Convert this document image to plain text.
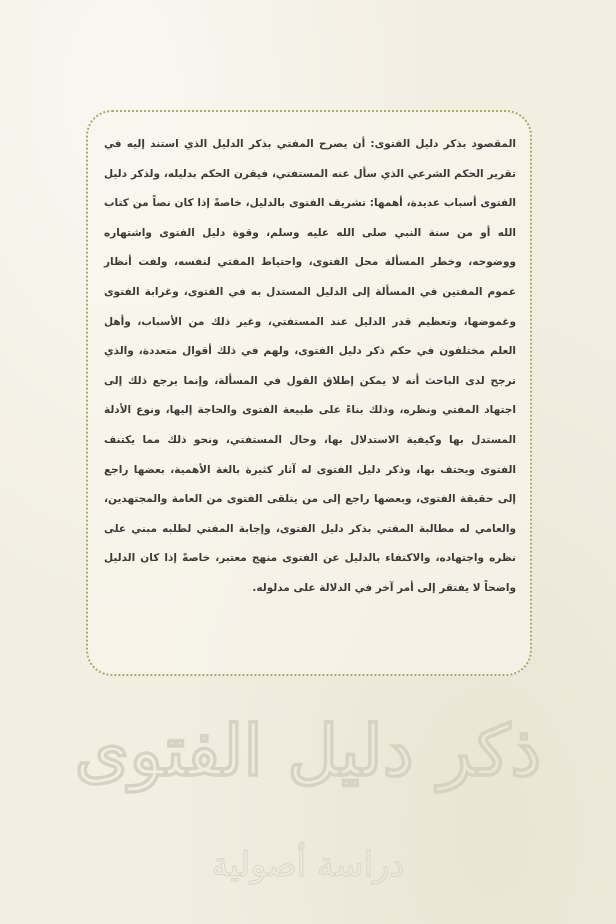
المقصود بذكر دليل الفتوى: أن يصرح المفتي بذكر الدليل الذي استند إليه في تقرير الحكم الشرعي الذي سأل عنه المستفتي، فيقرن الحكم بدليله، ولذكر دليل الفتوى أسباب عديدة، أهمها: تشريف الفتوى بالدليل، خاصةً إذا كان نصاً من كتاب الله أو من سنة النبي صلى الله عليه وسلم، وقوة دليل الفتوى واشتهاره ووضوحه، وخطر المسألة محل الفتوى، واحتياط المفتي لنفسه، ولفت أنظار عموم المفتين في المسألة إلى الدليل المستدل به في الفتوى، وغرابة الفتوى وغموضها، وتعظيم قدر الدليل عند المستفتي، وغير ذلك من الأسباب، وأهل العلم مختلفون في حكم ذكر دليل الفتوى، ولهم في ذلك أقوال متعددة، والذي ترجح لدى الباحث أنه لا يمكن إطلاق القول في المسألة، وإنما يرجع ذلك إلى اجتهاد المفتي ونظره، وذلك بناءً على طبيعة الفتوى والحاجة إليها، ونوع الأدلة المستدل بها وكيفية الاستدلال بها، وحال المستفتي، ونحو ذلك مما يكتنف الفتوى ويحتف بها، وذكر دليل الفتوى له آثار كثيرة بالغة الأهمية، بعضها راجع إلى حقيقة الفتوى، وبعضها راجع إلى من يتلقى الفتوى من العامة والمجتهدين، والعامي له مطالبة المفتي بذكر دليل الفتوى، وإجابة المفتي لطلبه مبني على نظره واجتهاده، والاكتفاء بالدليل عن الفتوى منهج معتبر، خاصةً إذا كان الدليل واضحاً لا يفتقر إلى أمر آخر في الدلالة على مدلوله.

ذكر دليل الفتوى
دراسة أصولية
